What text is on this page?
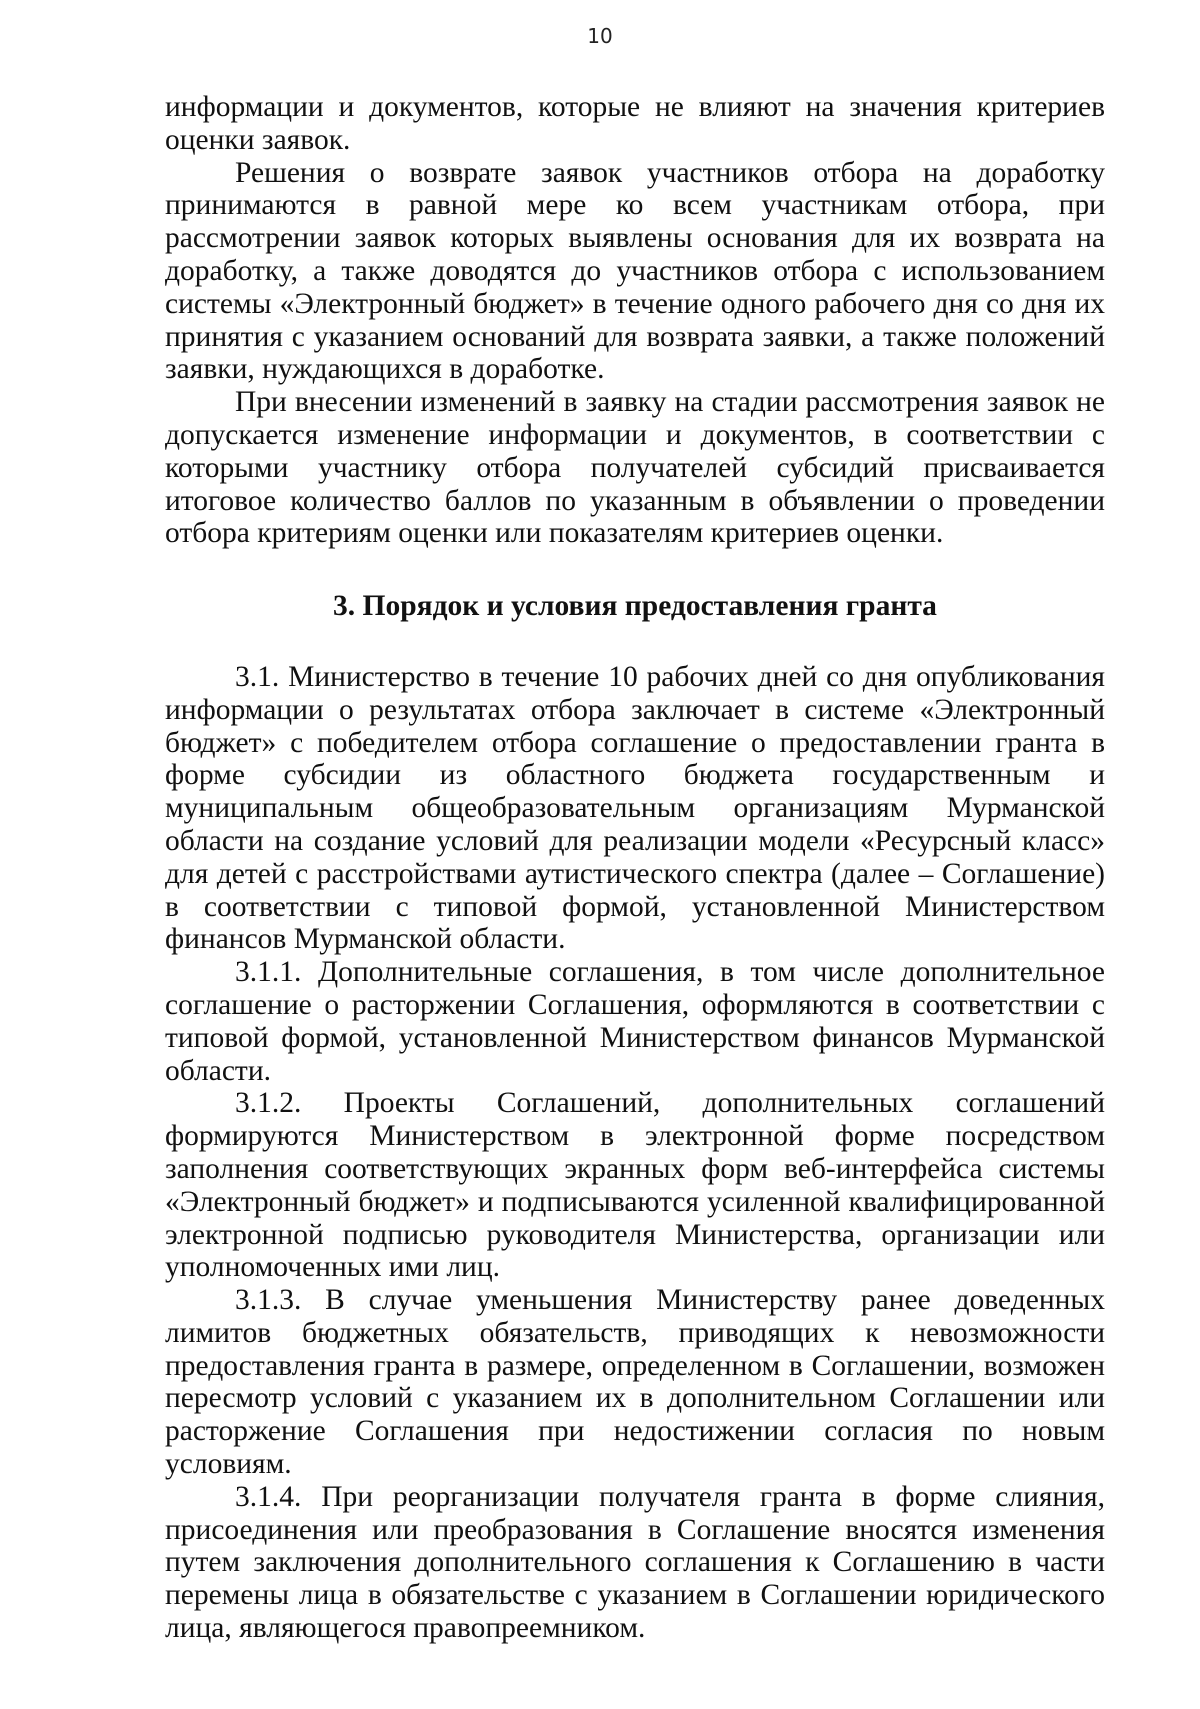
10

информации и документов, которые не влияют на значения критериев оценки заявок.

Решения о возврате заявок участников отбора на доработку принимаются в равной мере ко всем участникам отбора, при рассмотрении заявок которых выявлены основания для их возврата на доработку, а также доводятся до участников отбора с использованием системы «Электронный бюджет» в течение одного рабочего дня со дня их принятия с указанием оснований для возврата заявки, а также положений заявки, нуждающихся в доработке.

При внесении изменений в заявку на стадии рассмотрения заявок не допускается изменение информации и документов, в соответствии с которыми участнику отбора получателей субсидий присваивается итоговое количество баллов по указанным в объявлении о проведении отбора критериям оценки или показателям критериев оценки.

3. Порядок и условия предоставления гранта

3.1. Министерство в течение 10 рабочих дней со дня опубликования информации о результатах отбора заключает в системе «Электронный бюджет» с победителем отбора соглашение о предоставлении гранта в форме субсидии из областного бюджета государственным и муниципальным общеобразовательным организациям Мурманской области на создание условий для реализации модели «Ресурсный класс» для детей с расстройствами аутистического спектра (далее – Соглашение) в соответствии с типовой формой, установленной Министерством финансов Мурманской области.

3.1.1. Дополнительные соглашения, в том числе дополнительное соглашение о расторжении Соглашения, оформляются в соответствии с типовой формой, установленной Министерством финансов Мурманской области.

3.1.2. Проекты Соглашений, дополнительных соглашений формируются Министерством в электронной форме посредством заполнения соответствующих экранных форм веб-интерфейса системы «Электронный бюджет» и подписываются усиленной квалифицированной электронной подписью руководителя Министерства, организации или уполномоченных ими лиц.

3.1.3. В случае уменьшения Министерству ранее доведенных лимитов бюджетных обязательств, приводящих к невозможности предоставления гранта в размере, определенном в Соглашении, возможен пересмотр условий с указанием их в дополнительном Соглашении или расторжение Соглашения при недостижении согласия по новым условиям.

3.1.4. При реорганизации получателя гранта в форме слияния, присоединения или преобразования в Соглашение вносятся изменения путем заключения дополнительного соглашения к Соглашению в части перемены лица в обязательстве с указанием в Соглашении юридического лица, являющегося правопреемником.
